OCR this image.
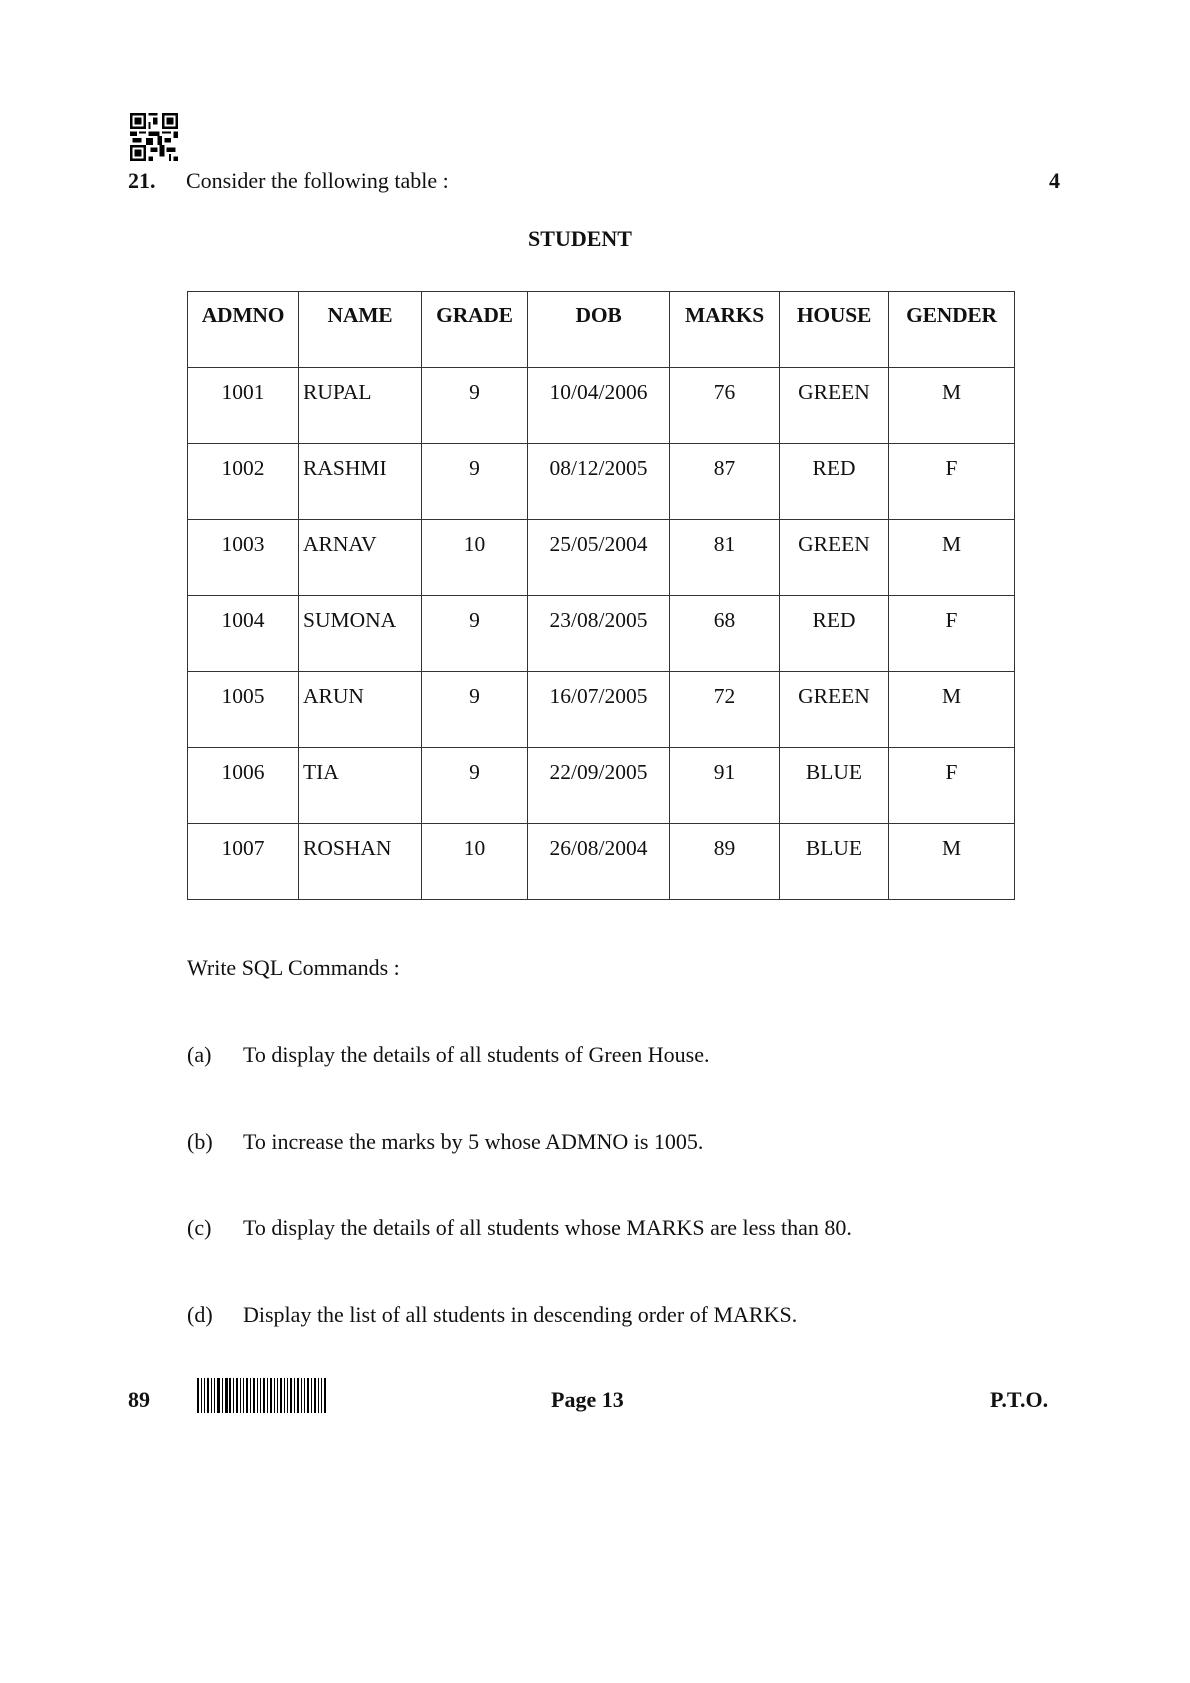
21. Consider the following table :	4
STUDENT
ADMNO	NAME	GRADE	DOB	MARKS	HOUSE	GENDER
1001	RUPAL	9	10/04/2006	76	GREEN	M
1002	RASHMI	9	08/12/2005	87	RED	F
1003	ARNAV	10	25/05/2004	81	GREEN	M
1004	SUMONA	9	23/08/2005	68	RED	F
1005	ARUN	9	16/07/2005	72	GREEN	M
1006	TIA	9	22/09/2005	91	BLUE	F
1007	ROSHAN	10	26/08/2004	89	BLUE	M
Write SQL Commands :
(a) To display the details of all students of Green House.
(b) To increase the marks by 5 whose ADMNO is 1005.
(c) To display the details of all students whose MARKS are less than 80.
(d) Display the list of all students in descending order of MARKS.
89	Page 13	P.T.O.
